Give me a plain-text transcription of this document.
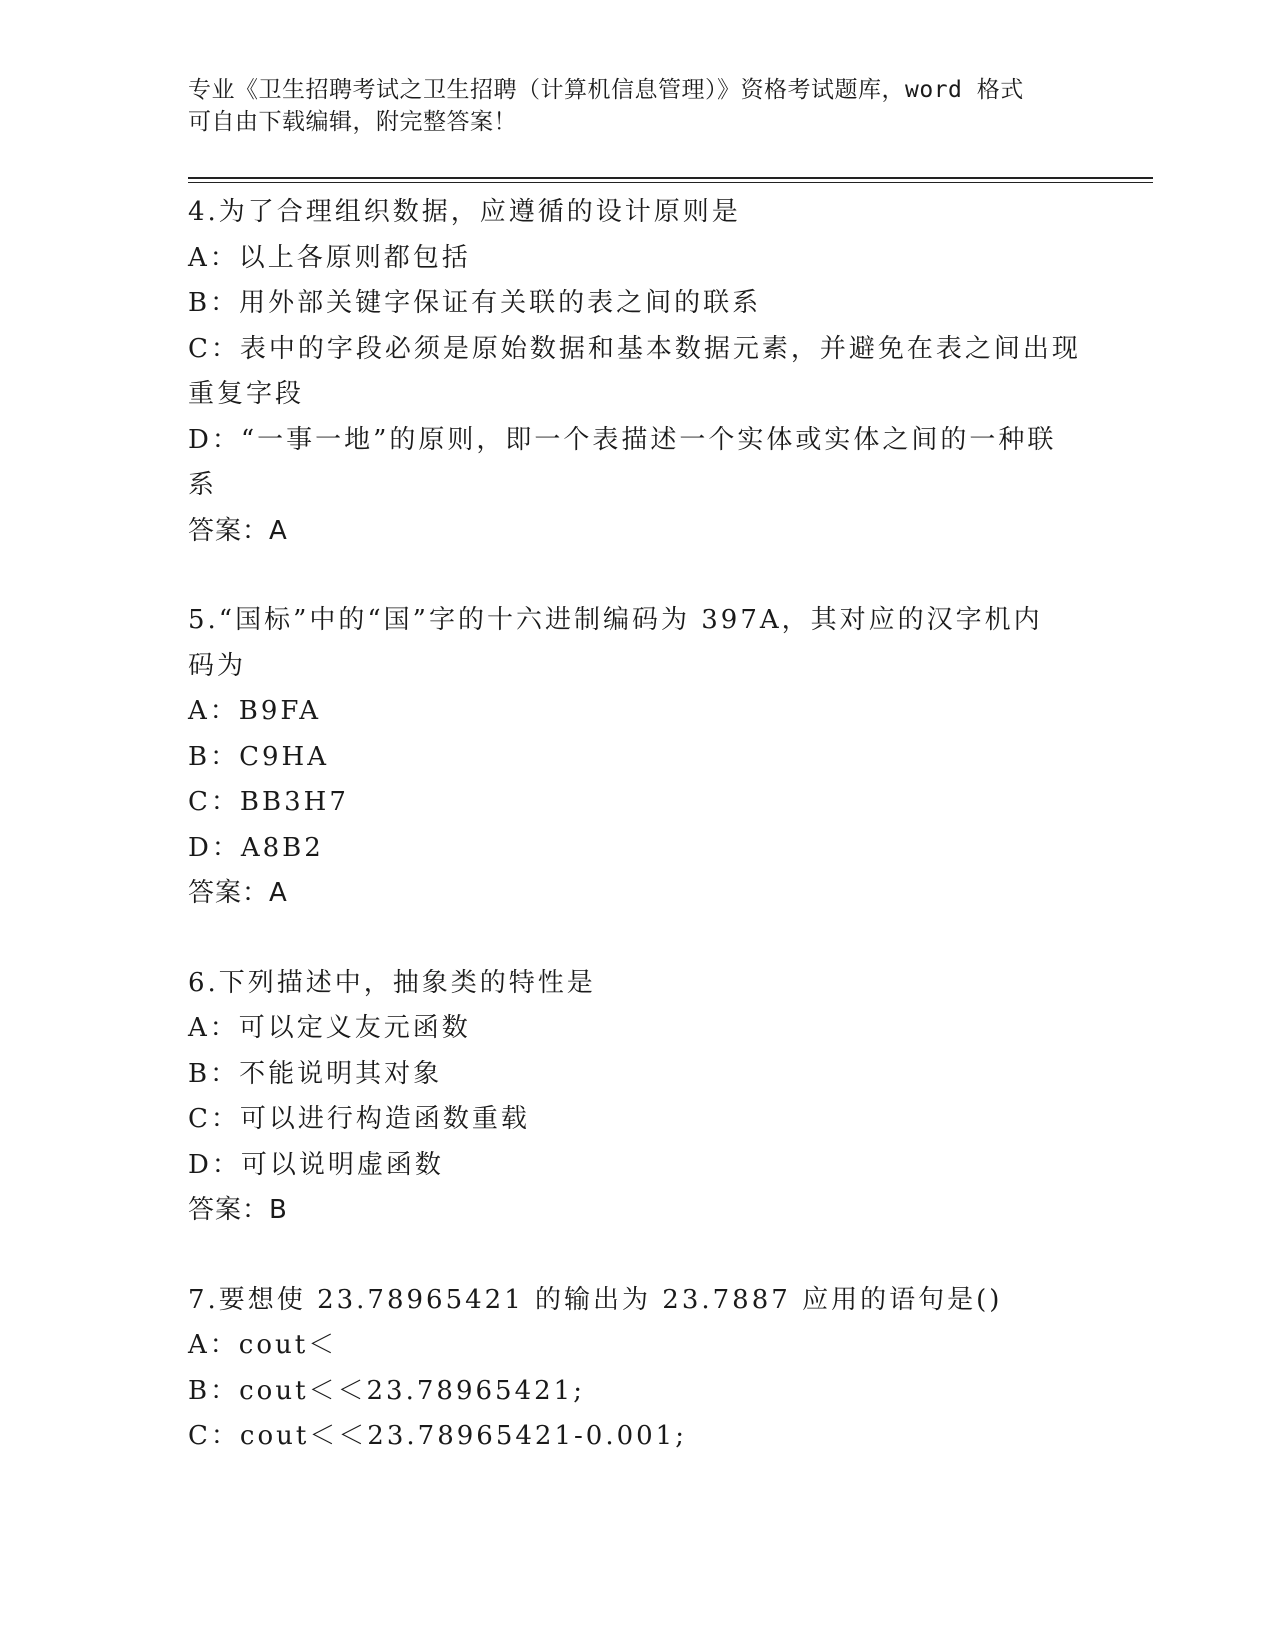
专业《卫生招聘考试之卫生招聘（计算机信息管理）》资格考试题库，word 格式
可自由下载编辑，附完整答案！
4.为了合理组织数据，应遵循的设计原则是
A：以上各原则都包括
B：用外部关键字保证有关联的表之间的联系
C：表中的字段必须是原始数据和基本数据元素，并避免在表之间出现
重复字段
D：“一事一地”的原则，即一个表描述一个实体或实体之间的一种联
系
答案：A
5.“国标”中的“国”字的十六进制编码为 397A，其对应的汉字机内
码为
A：B9FA
B：C9HA
C：BB3H7
D：A8B2
答案：A
6.下列描述中，抽象类的特性是
A：可以定义友元函数
B：不能说明其对象
C：可以进行构造函数重载
D：可以说明虚函数
答案：B
7.要想使 23.78965421 的输出为 23.7887 应用的语句是()
A：cout＜
B：cout＜＜23.78965421;
C：cout＜＜23.78965421-0.001;
